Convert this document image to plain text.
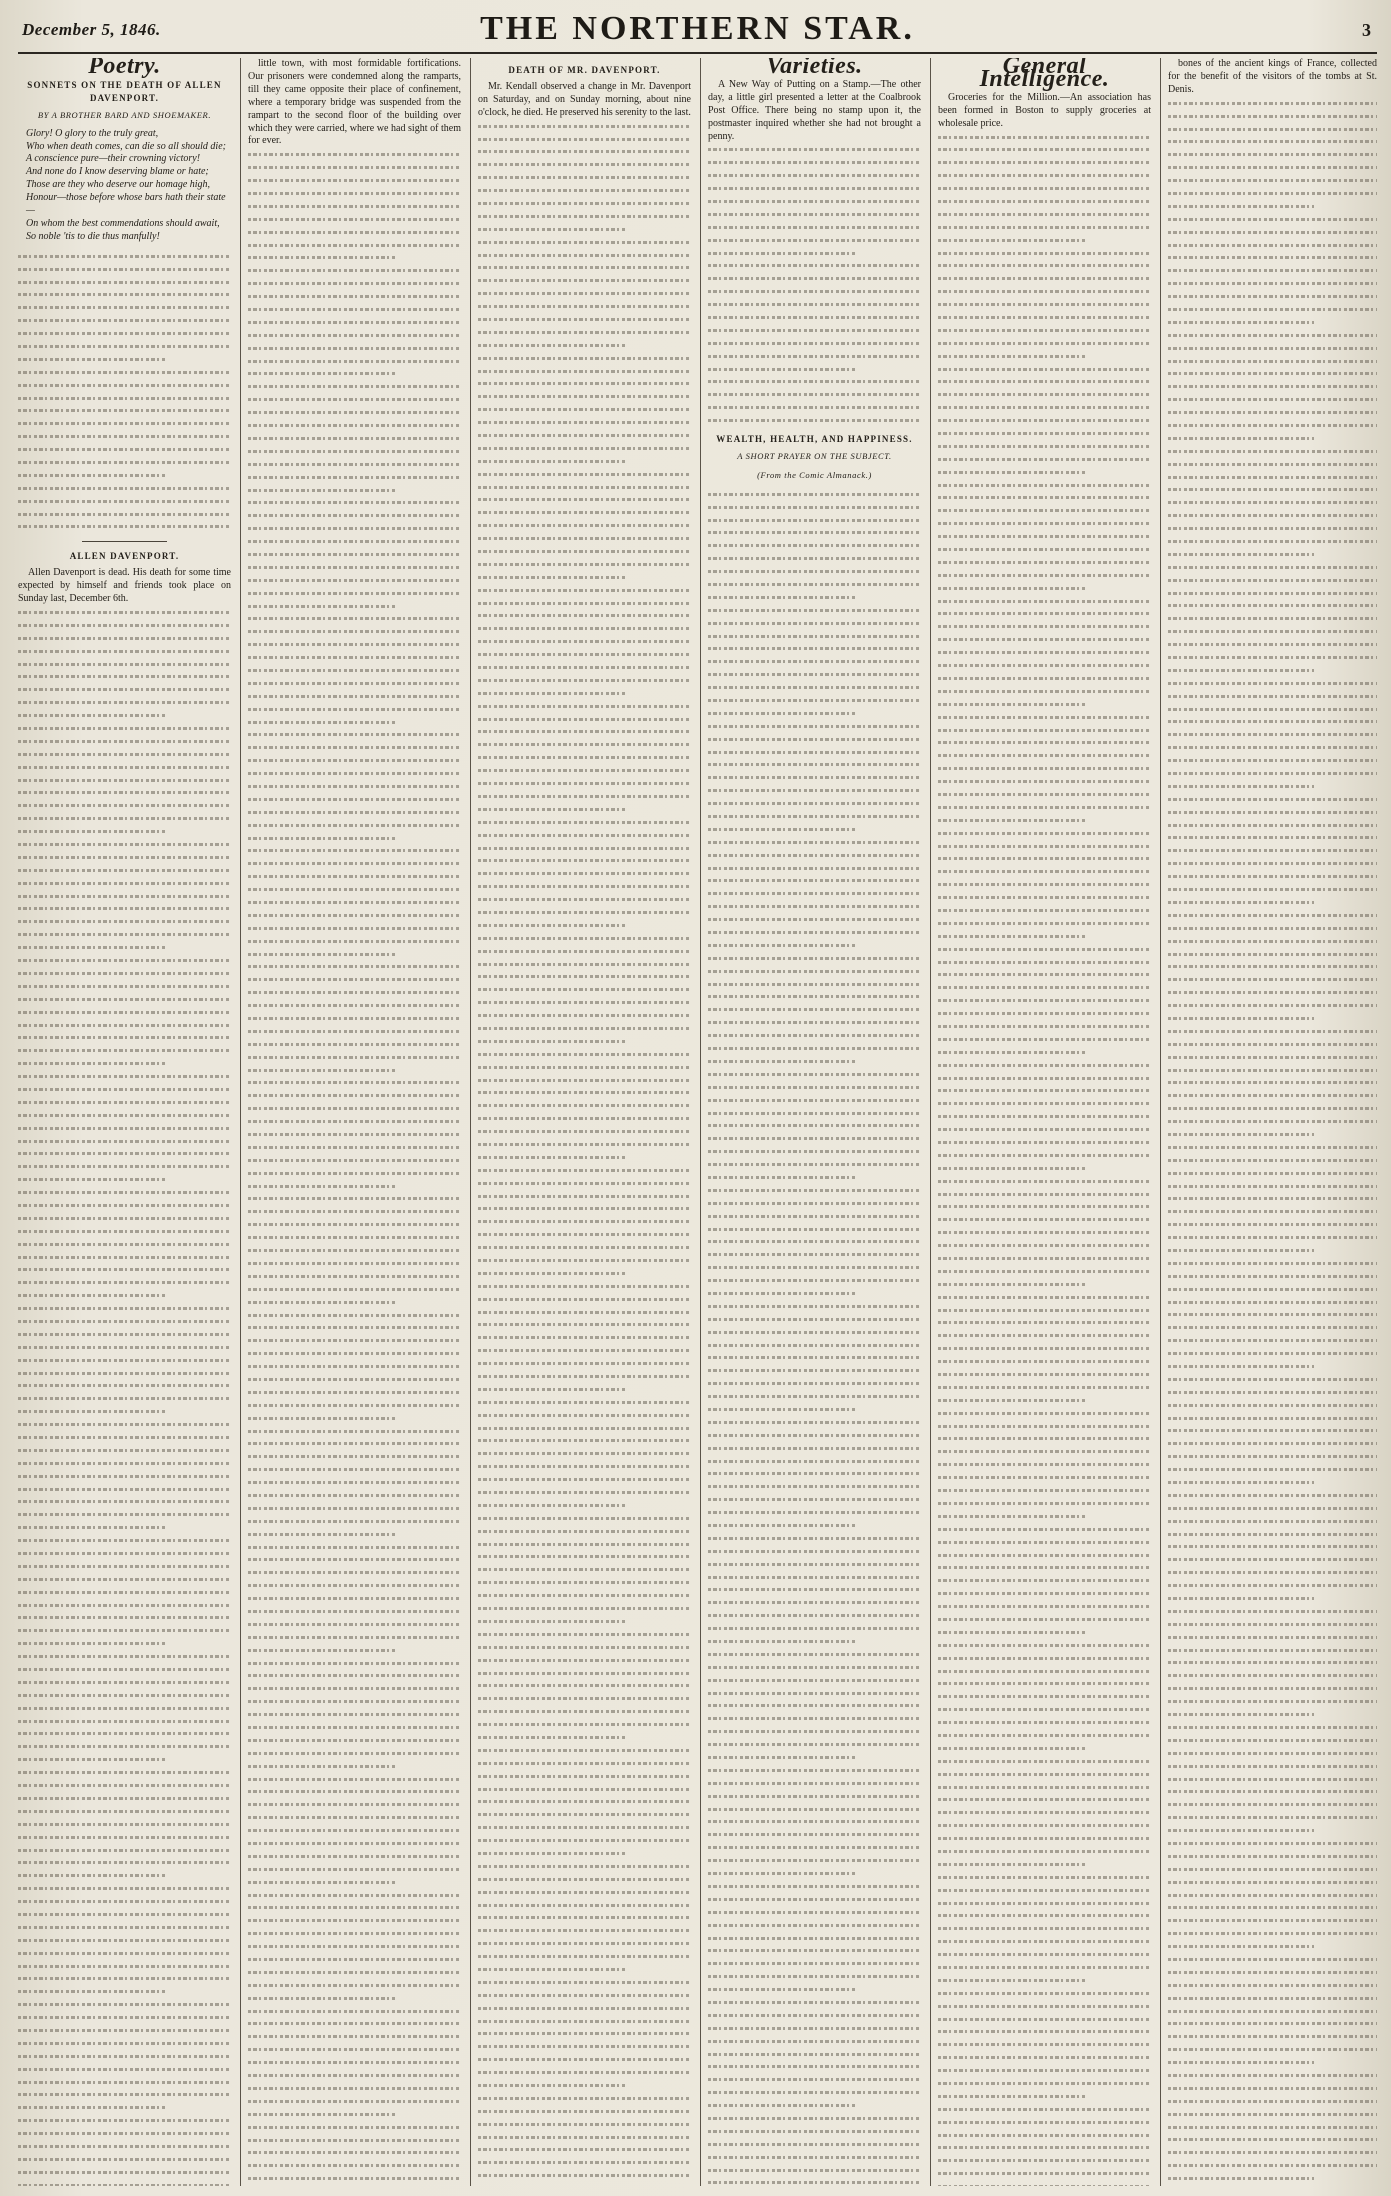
December 5, 1846.	THE NORTHERN STAR.	3
Poetry.
SONNETS ON THE DEATH OF ALLEN DAVENPORT.
BY A BROTHER BARD AND SHOEMAKER.
Glory! O glory to the truly great,
Who when death comes, can die so all should die;
A conscience pure—their crowning victory!
And none do I know deserving blame or hate;
Those are they who deserve our homage high,
Honour—those before whose bars hath their state—
On whom the best commendations should await,
So noble 'tis to die thus manfully!
ALLEN DAVENPORT.

Allen Davenport is dead. His death for some time expected by himself and friends took place on Sunday last, December 6th.

little town, with most formidable fortifications. Our prisoners were condemned along the ramparts, till they came opposite their place of confinement, where a temporary bridge was suspended from the rampart to the second floor of the building over which they were carried, where we had sight of them for ever.

DEATH OF MR. DAVENPORT.

Mr. Kendall observed a change in Mr. Davenport on Saturday, and on Sunday morning, about nine o'clock, he died. He preserved his serenity to the last.

Varieties.

A New Way of Putting on a Stamp.—The other day, a little girl presented a letter at the Coalbrook Post Office. There being no stamp upon it, the postmaster inquired whether she had not brought a penny.

WEALTH, HEALTH, AND HAPPINESS.
A SHORT PRAYER ON THE SUBJECT.
(From the Comic Almanack.)
General Intelligence.

Groceries for the Million.—An association has been formed in Boston to supply groceries at wholesale price.

bones of the ancient kings of France, collected for the benefit of the visitors of the tombs at St. Denis.
